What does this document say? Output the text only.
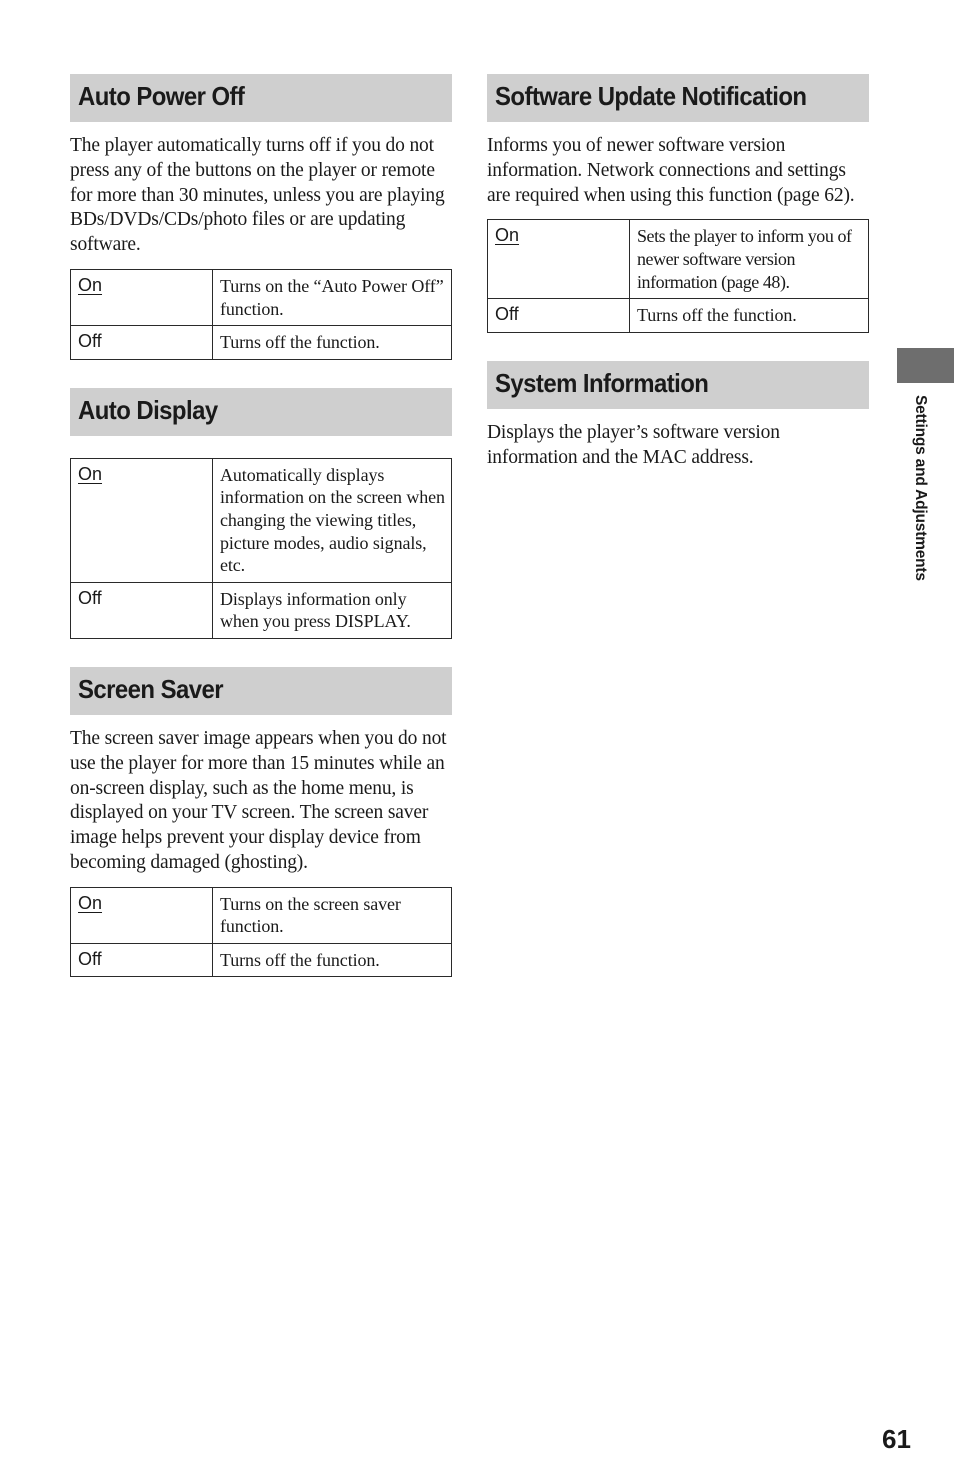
Auto Power Off

The player automatically turns off if you do not press any of the buttons on the player or remote for more than 30 minutes, unless you are playing BDs/DVDs/CDs/photo files or are updating software.

On	Turns on the “Auto Power Off” function.
Off	Turns off the function.
Auto Display
On	Automatically displays information on the screen when changing the viewing titles, picture modes, audio signals, etc.
Off	Displays information only when you press DISPLAY.
Screen Saver

The screen saver image appears when you do not use the player for more than 15 minutes while an on-screen display, such as the home menu, is displayed on your TV screen. The screen saver image helps prevent your display device from becoming damaged (ghosting).

On	Turns on the screen saver function.
Off	Turns off the function.
Software Update Notification

Informs you of newer software version information. Network connections and settings are required when using this function (page 62).

On	Sets the player to inform you of newer software version information (page 48).
Off	Turns off the function.
System Information

Displays the player’s software version information and the MAC address.	Settings and Adjustments
61
